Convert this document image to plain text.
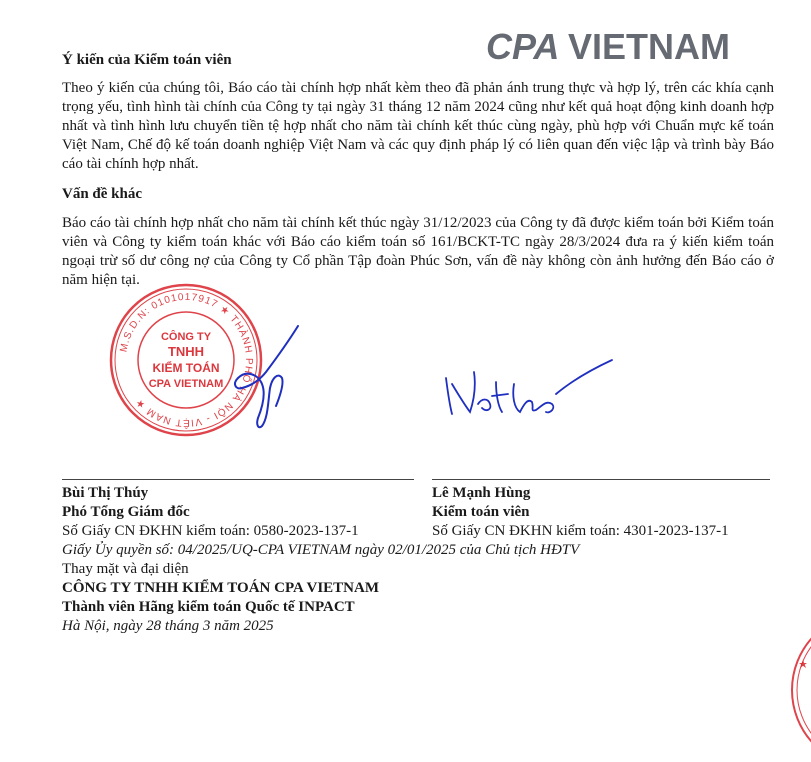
CPA VIETNAM
Ý kiến của Kiểm toán viên
Theo ý kiến của chúng tôi, Báo cáo tài chính hợp nhất kèm theo đã phản ánh trung thực và hợp lý, trên các khía cạnh trọng yếu, tình hình tài chính của Công ty tại ngày 31 tháng 12 năm 2024 cũng như kết quả hoạt động kinh doanh hợp nhất và tình hình lưu chuyển tiền tệ hợp nhất cho năm tài chính kết thúc cùng ngày, phù hợp với Chuẩn mực kế toán Việt Nam, Chế độ kế toán doanh nghiệp Việt Nam và các quy định pháp lý có liên quan đến việc lập và trình bày Báo cáo tài chính hợp nhất.
Vấn đề khác
Báo cáo tài chính hợp nhất cho năm tài chính kết thúc ngày 31/12/2023 của Công ty đã được kiểm toán bởi Kiểm toán viên và Công ty kiểm toán khác với Báo cáo kiểm toán số 161/BCKT-TC ngày 28/3/2024 đưa ra ý kiến kiểm toán ngoại trừ số dư công nợ của Công ty Cổ phần Tập đoàn Phúc Sơn, vấn đề này không còn ảnh hưởng đến Báo cáo ở năm hiện tại.
M.S.D.N: 0101017917 ★ THÀNH PHỐ HÀ NỘI - VIỆT NAM ★
CÔNG TY
TNHH
KIỂM TOÁN
CPA VIETNAM
Bùi Thị Thúy
Phó Tổng Giám đốc
Số Giấy CN ĐKHN kiểm toán: 0580-2023-137-1
Giấy Ủy quyền số: 04/2025/UQ-CPA VIETNAM ngày 02/01/2025 của Chủ tịch HĐTV
Thay mặt và đại diện
CÔNG TY TNHH KIỂM TOÁN CPA VIETNAM
Thành viên Hãng kiểm toán Quốc tế INPACT
Hà Nội, ngày 28 tháng 3 năm 2025
Lê Mạnh Hùng
Kiểm toán viên
Số Giấy CN ĐKHN kiểm toán: 4301-2023-137-1
